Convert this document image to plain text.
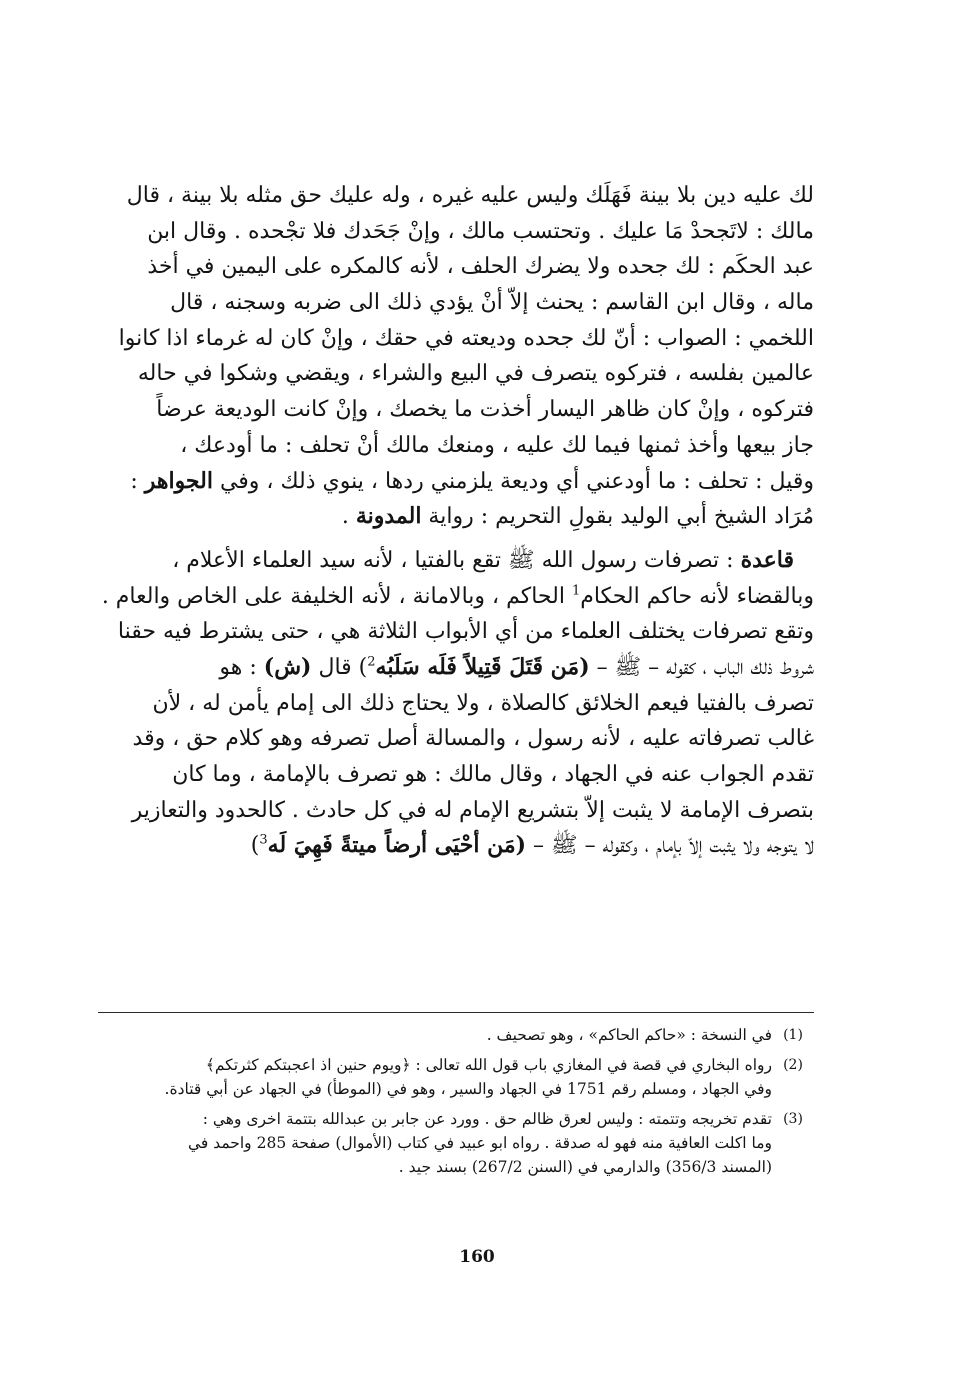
لك عليه دين بلا بينة فَهَلَك وليس عليه غيره ، وله عليك حق مثله بلا بينة ، قال
مالك : لاتَجحدْ مَا عليك . وتحتسب مالك ، وإنْ جَحَدك فلا تجْحده . وقال ابن
عبد الحكَم : لك جحده ولا يضرك الحلف ، لأنه كالمكره على اليمين في أخذ
ماله ، وقال ابن القاسم : يحنث إلاّ أنْ يؤدي ذلك الى ضربه وسجنه ، قال
اللخمي : الصواب : أنّ لك جحده وديعته في حقك ، وإنْ كان له غرماء اذا كانوا
عالمين بفلسه ، فتركوه يتصرف في البيع والشراء ، ويقضي وشكوا في حاله
فتركوه ، وإنْ كان ظاهر اليسار أخذت ما يخصك ، وإنْ كانت الوديعة عرضاً
جاز بيعها وأخذ ثمنها فيما لك عليه ، ومنعك مالك أنْ تحلف : ما أودعك ،
وقيل : تحلف : ما أودعني أي وديعة يلزمني ردها ، ينوي ذلك ، وفي الجواهر :
مُرَاد الشيخ أبي الوليد بقولِ التحريم : رواية المدونة .

قاعدة : تصرفات رسول الله ﷺ تقع بالفتيا ، لأنه سيد العلماء الأعلام ،
وبالقضاء لأنه حاكم الحكام$^1$ الحاكم ، وبالامانة ، لأنه الخليفة على الخاص والعام .
وتقع تصرفات يختلف العلماء من أي الأبواب الثلاثة هي ، حتى يشترط فيه حقنا
شروط ذلك الباب ، كقوله – ﷺ – (مَن قَتَلَ قَتِيلاً فَلَه سَلَبُه$^2$) قال (ش) : هو
تصرف بالفتيا فيعم الخلائق كالصلاة ، ولا يحتاج ذلك الى إمام يأمن له ، لأن
غالب تصرفاته عليه ، لأنه رسول ، والمسالة أصل تصرفه وهو كلام حق ، وقد
تقدم الجواب عنه في الجهاد ، وقال مالك : هو تصرف بالإمامة ، وما كان
بتصرف الإمامة لا يثبت إلاّ بتشريع الإمام له في كل حادث . كالحدود والتعازير
لا يتوجه ولا يثبت إلاّ بإمام ، وكقوله – ﷺ – (مَن أحْيَى أرضاً ميتةً فَهِيَ لَه$^3$)

(1)
في النسخة : «حاكم الحاكم» ، وهو تصحيف .
(2)
رواه البخاري في قصة في المغازي باب قول الله تعالى : ﴿ويوم حنين اذ اعجبتكم كثرتكم﴾
وفي الجهاد ، ومسلم رقم 1751 في الجهاد والسير ، وهو في (الموطأ) في الجهاد عن أبي قتادة.
(3)
تقدم تخريجه وتتمته : وليس لعرق ظالم حق . وورد عن جابر بن عبدالله بتتمة اخرى وهي :
وما اكلت العافية منه فهو له صدقة . رواه ابو عبيد في كتاب (الأموال) صفحة 285 واحمد في
(المسند 356/3) والدارمي في (السنن 267/2) بسند جيد .
160
